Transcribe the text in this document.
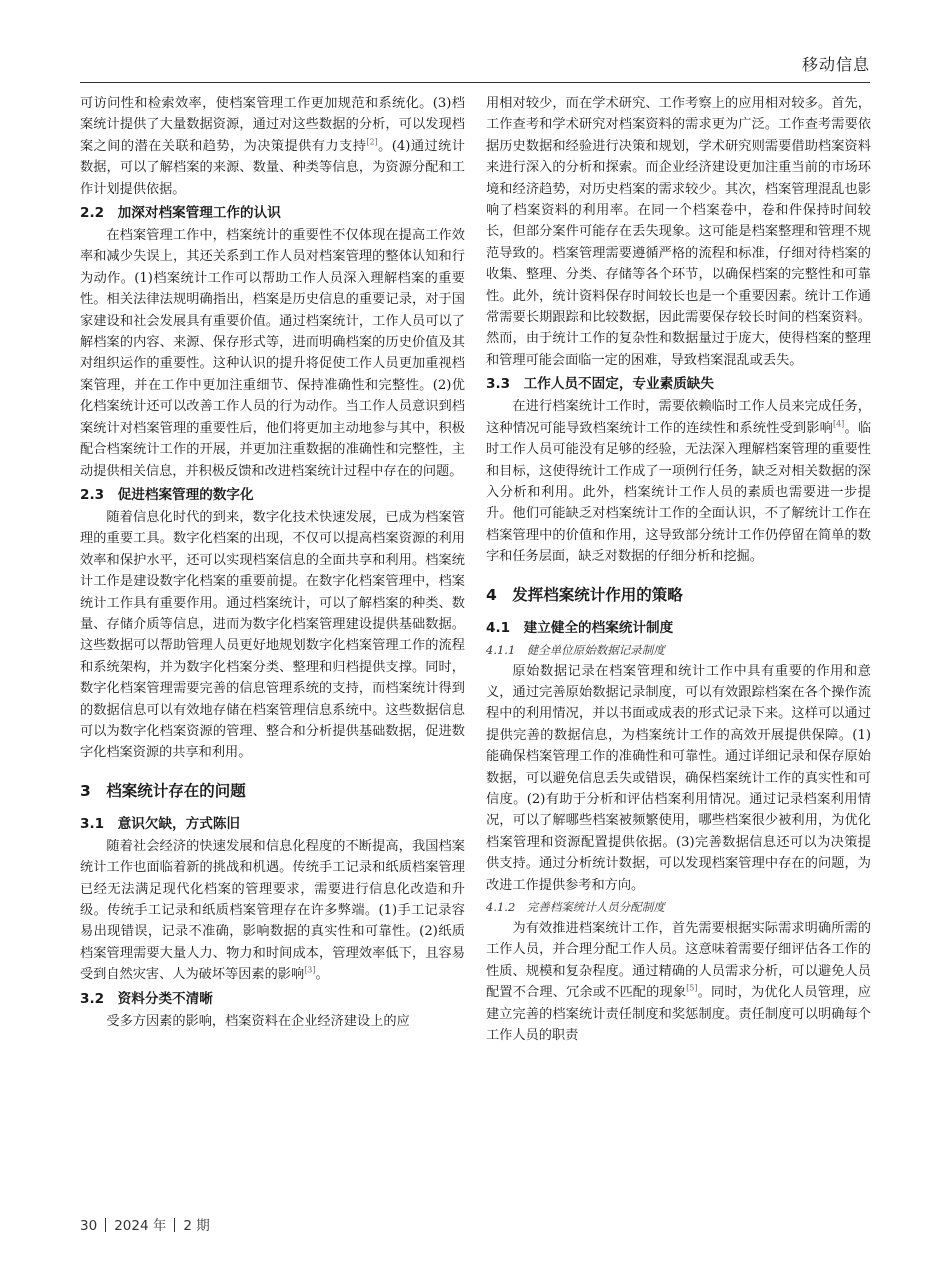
移动信息

可访问性和检索效率，使档案管理工作更加规范和系统化。(3)档案统计提供了大量数据资源，通过对这些数据的分析，可以发现档案之间的潜在关联和趋势，为决策提供有力支持[2]。(4)通过统计数据，可以了解档案的来源、数量、种类等信息，为资源分配和工作计划提供依据。

2.2　加深对档案管理工作的认识

在档案管理工作中，档案统计的重要性不仅体现在提高工作效率和减少失误上，其还关系到工作人员对档案管理的整体认知和行为动作。(1)档案统计工作可以帮助工作人员深入理解档案的重要性。相关法律法规明确指出，档案是历史信息的重要记录，对于国家建设和社会发展具有重要价值。通过档案统计，工作人员可以了解档案的内容、来源、保存形式等，进而明确档案的历史价值及其对组织运作的重要性。这种认识的提升将促使工作人员更加重视档案管理，并在工作中更加注重细节、保持准确性和完整性。(2)优化档案统计还可以改善工作人员的行为动作。当工作人员意识到档案统计对档案管理的重要性后，他们将更加主动地参与其中，积极配合档案统计工作的开展，并更加注重数据的准确性和完整性，主动提供相关信息，并积极反馈和改进档案统计过程中存在的问题。

2.3　促进档案管理的数字化

随着信息化时代的到来，数字化技术快速发展，已成为档案管理的重要工具。数字化档案的出现，不仅可以提高档案资源的利用效率和保护水平，还可以实现档案信息的全面共享和利用。档案统计工作是建设数字化档案的重要前提。在数字化档案管理中，档案统计工作具有重要作用。通过档案统计，可以了解档案的种类、数量、存储介质等信息，进而为数字化档案管理建设提供基础数据。这些数据可以帮助管理人员更好地规划数字化档案管理工作的流程和系统架构，并为数字化档案分类、整理和归档提供支撑。同时，数字化档案管理需要完善的信息管理系统的支持，而档案统计得到的数据信息可以有效地存储在档案管理信息系统中。这些数据信息可以为数字化档案资源的管理、整合和分析提供基础数据，促进数字化档案资源的共享和利用。

3　档案统计存在的问题
3.1　意识欠缺，方式陈旧

随着社会经济的快速发展和信息化程度的不断提高，我国档案统计工作也面临着新的挑战和机遇。传统手工记录和纸质档案管理已经无法满足现代化档案的管理要求，需要进行信息化改造和升级。传统手工记录和纸质档案管理存在许多弊端。(1)手工记录容易出现错误，记录不准确，影响数据的真实性和可靠性。(2)纸质档案管理需要大量人力、物力和时间成本，管理效率低下，且容易受到自然灾害、人为破坏等因素的影响[3]。

3.2　资料分类不清晰

受多方因素的影响，档案资料在企业经济建设上的应

用相对较少，而在学术研究、工作考察上的应用相对较多。首先，工作查考和学术研究对档案资料的需求更为广泛。工作查考需要依据历史数据和经验进行决策和规划，学术研究则需要借助档案资料来进行深入的分析和探索。而企业经济建设更加注重当前的市场环境和经济趋势，对历史档案的需求较少。其次，档案管理混乱也影响了档案资料的利用率。在同一个档案卷中，卷和件保持时间较长，但部分案件可能存在丢失现象。这可能是档案整理和管理不规范导致的。档案管理需要遵循严格的流程和标准，仔细对待档案的收集、整理、分类、存储等各个环节，以确保档案的完整性和可靠性。此外，统计资料保存时间较长也是一个重要因素。统计工作通常需要长期跟踪和比较数据，因此需要保存较长时间的档案资料。然而，由于统计工作的复杂性和数据量过于庞大，使得档案的整理和管理可能会面临一定的困难，导致档案混乱或丢失。

3.3　工作人员不固定，专业素质缺失

在进行档案统计工作时，需要依赖临时工作人员来完成任务，这种情况可能导致档案统计工作的连续性和系统性受到影响[4]。临时工作人员可能没有足够的经验，无法深入理解档案管理的重要性和目标，这使得统计工作成了一项例行任务，缺乏对相关数据的深入分析和利用。此外，档案统计工作人员的素质也需要进一步提升。他们可能缺乏对档案统计工作的全面认识，不了解统计工作在档案管理中的价值和作用，这导致部分统计工作仍停留在简单的数字和任务层面，缺乏对数据的仔细分析和挖掘。

4　发挥档案统计作用的策略
4.1　建立健全的档案统计制度
4.1.1　健全单位原始数据记录制度

原始数据记录在档案管理和统计工作中具有重要的作用和意义，通过完善原始数据记录制度，可以有效跟踪档案在各个操作流程中的利用情况，并以书面或成表的形式记录下来。这样可以通过提供完善的数据信息，为档案统计工作的高效开展提供保障。(1)能确保档案管理工作的准确性和可靠性。通过详细记录和保存原始数据，可以避免信息丢失或错误，确保档案统计工作的真实性和可信度。(2)有助于分析和评估档案利用情况。通过记录档案利用情况，可以了解哪些档案被频繁使用，哪些档案很少被利用，为优化档案管理和资源配置提供依据。(3)完善数据信息还可以为决策提供支持。通过分析统计数据，可以发现档案管理中存在的问题，为改进工作提供参考和方向。

4.1.2　完善档案统计人员分配制度

为有效推进档案统计工作，首先需要根据实际需求明确所需的工作人员，并合理分配工作人员。这意味着需要仔细评估各工作的性质、规模和复杂程度。通过精确的人员需求分析，可以避免人员配置不合理、冗余或不匹配的现象[5]。同时，为优化人员管理，应建立完善的档案统计责任制度和奖惩制度。责任制度可以明确每个工作人员的职责

30 2024 年 2 期
